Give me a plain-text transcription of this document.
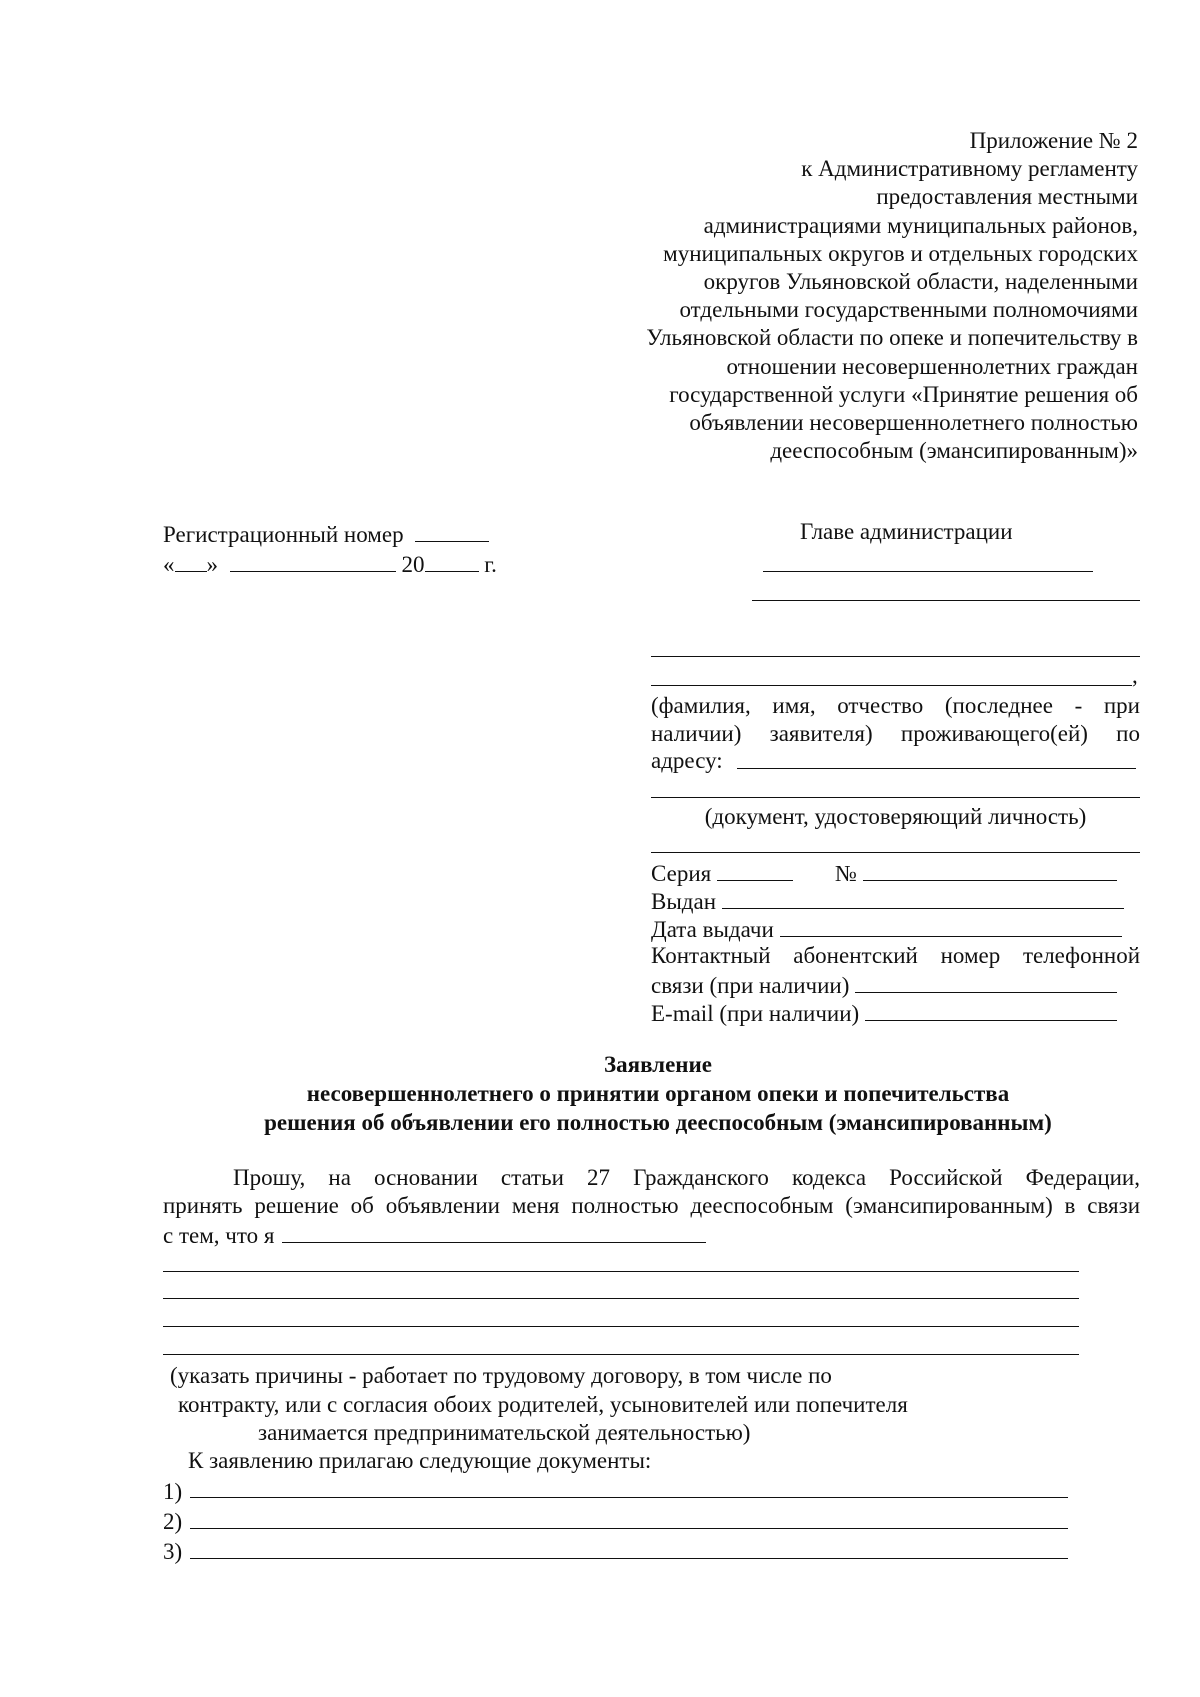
Приложение № 2
к Административному регламенту
предоставления местными
администрациями муниципальных районов,
муниципальных округов и отдельных городских
округов Ульяновской области, наделенными
отдельными государственными полномочиями
Ульяновской области по опеке и попечительству в
отношении несовершеннолетних граждан
государственной услуги «Принятие решения об
объявлении несовершеннолетнего полностью
дееспособным (эмансипированным)»
Регистрационный номер
« »	20	г.
Главе администрации
,
(фамилия, имя, отчество (последнее - при наличии) заявителя) проживающего(ей) по
адресу:
(документ, удостоверяющий личность)
Серия	№
Выдан
Дата выдачи
Контактный абонентский номер телефонной
связи (при наличии)
E-mail (при наличии)
Заявление
несовершеннолетнего о принятии органом опеки и попечительства
решения об объявлении его полностью дееспособным (эмансипированным)
Прошу, на основании статьи 27 Гражданского кодекса Российской Федерации,
принять решение об объявлении меня полностью дееспособным (эмансипированным) в связи
с тем, что я
(указать причины - работает по трудовому договору, в том числе по
контракту, или с согласия обоих родителей, усыновителей или попечителя
занимается предпринимательской деятельностью)
К заявлению прилагаю следующие документы:
1)
2)
3)
